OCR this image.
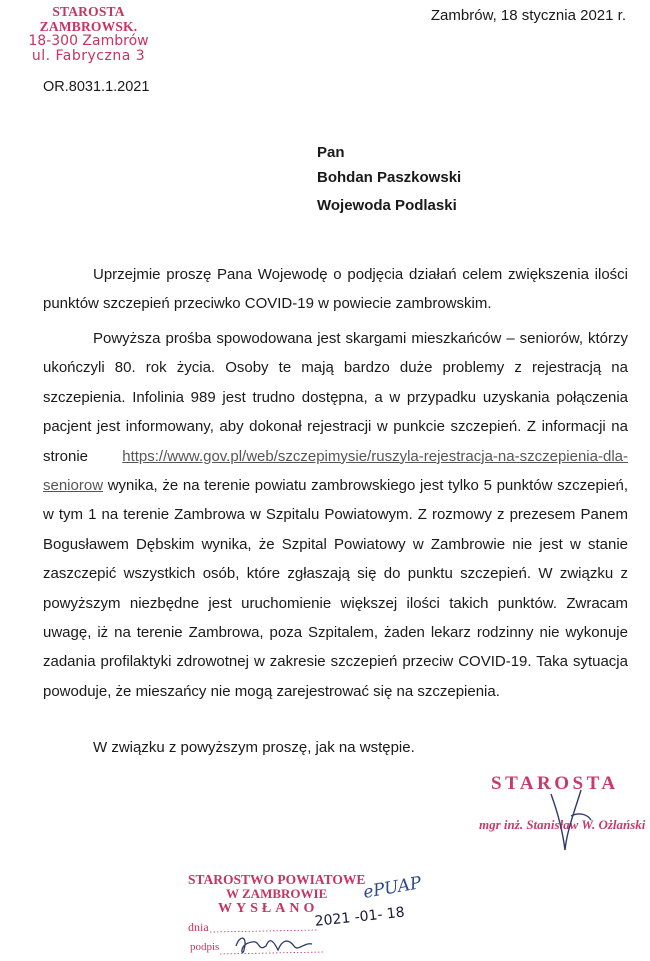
STAROSTA ZAMBROWSK.
18-300 Zambrów
ul. Fabryczna 3
Zambrów, 18 stycznia 2021 r.
OR.8031.1.2021
Pan
Bohdan Paszkowski
Wojewoda Podlaski
Uprzejmie proszę Pana Wojewodę o podjęcia działań celem zwiększenia ilości punktów szczepień przeciwko COVID-19 w powiecie zambrowskim.
Powyższa prośba spowodowana jest skargami mieszkańców – seniorów, którzy ukończyli 80. rok życia. Osoby te mają bardzo duże problemy z rejestracją na szczepienia. Infolinia 989 jest trudno dostępna, a w przypadku uzyskania połączenia pacjent jest informowany, aby dokonał rejestracji w punkcie szczepień. Z informacji na stronie https://www.gov.pl/web/szczepimysie/ruszyla-rejestracja-na-szczepienia-dla-seniorow wynika, że na terenie powiatu zambrowskiego jest tylko 5 punktów szczepień, w tym 1 na terenie Zambrowa w Szpitalu Powiatowym. Z rozmowy z prezesem Panem Bogusławem Dębskim wynika, że Szpital Powiatowy w Zambrowie nie jest w stanie zaszczepić wszystkich osób, które zgłaszają się do punktu szczepień. W związku z powyższym niezbędne jest uruchomienie większej ilości takich punktów. Zwracam uwagę, iż na terenie Zambrowa, poza Szpitalem, żaden lekarz rodzinny nie wykonuje zadania profilaktyki zdrowotnej w zakresie szczepień przeciw COVID-19. Taka sytuacja powoduje, że mieszańcy nie mogą zarejestrować się na szczepienia.
W związku z powyższym proszę, jak na wstępie.
STAROSTA
mgr inż. Stanisław W. Ożlański
STAROSTWO POWIATOWE
W ZAMBROWIE
WYSŁANO
dnia
podpis
2021 -01- 18
ePUAP
